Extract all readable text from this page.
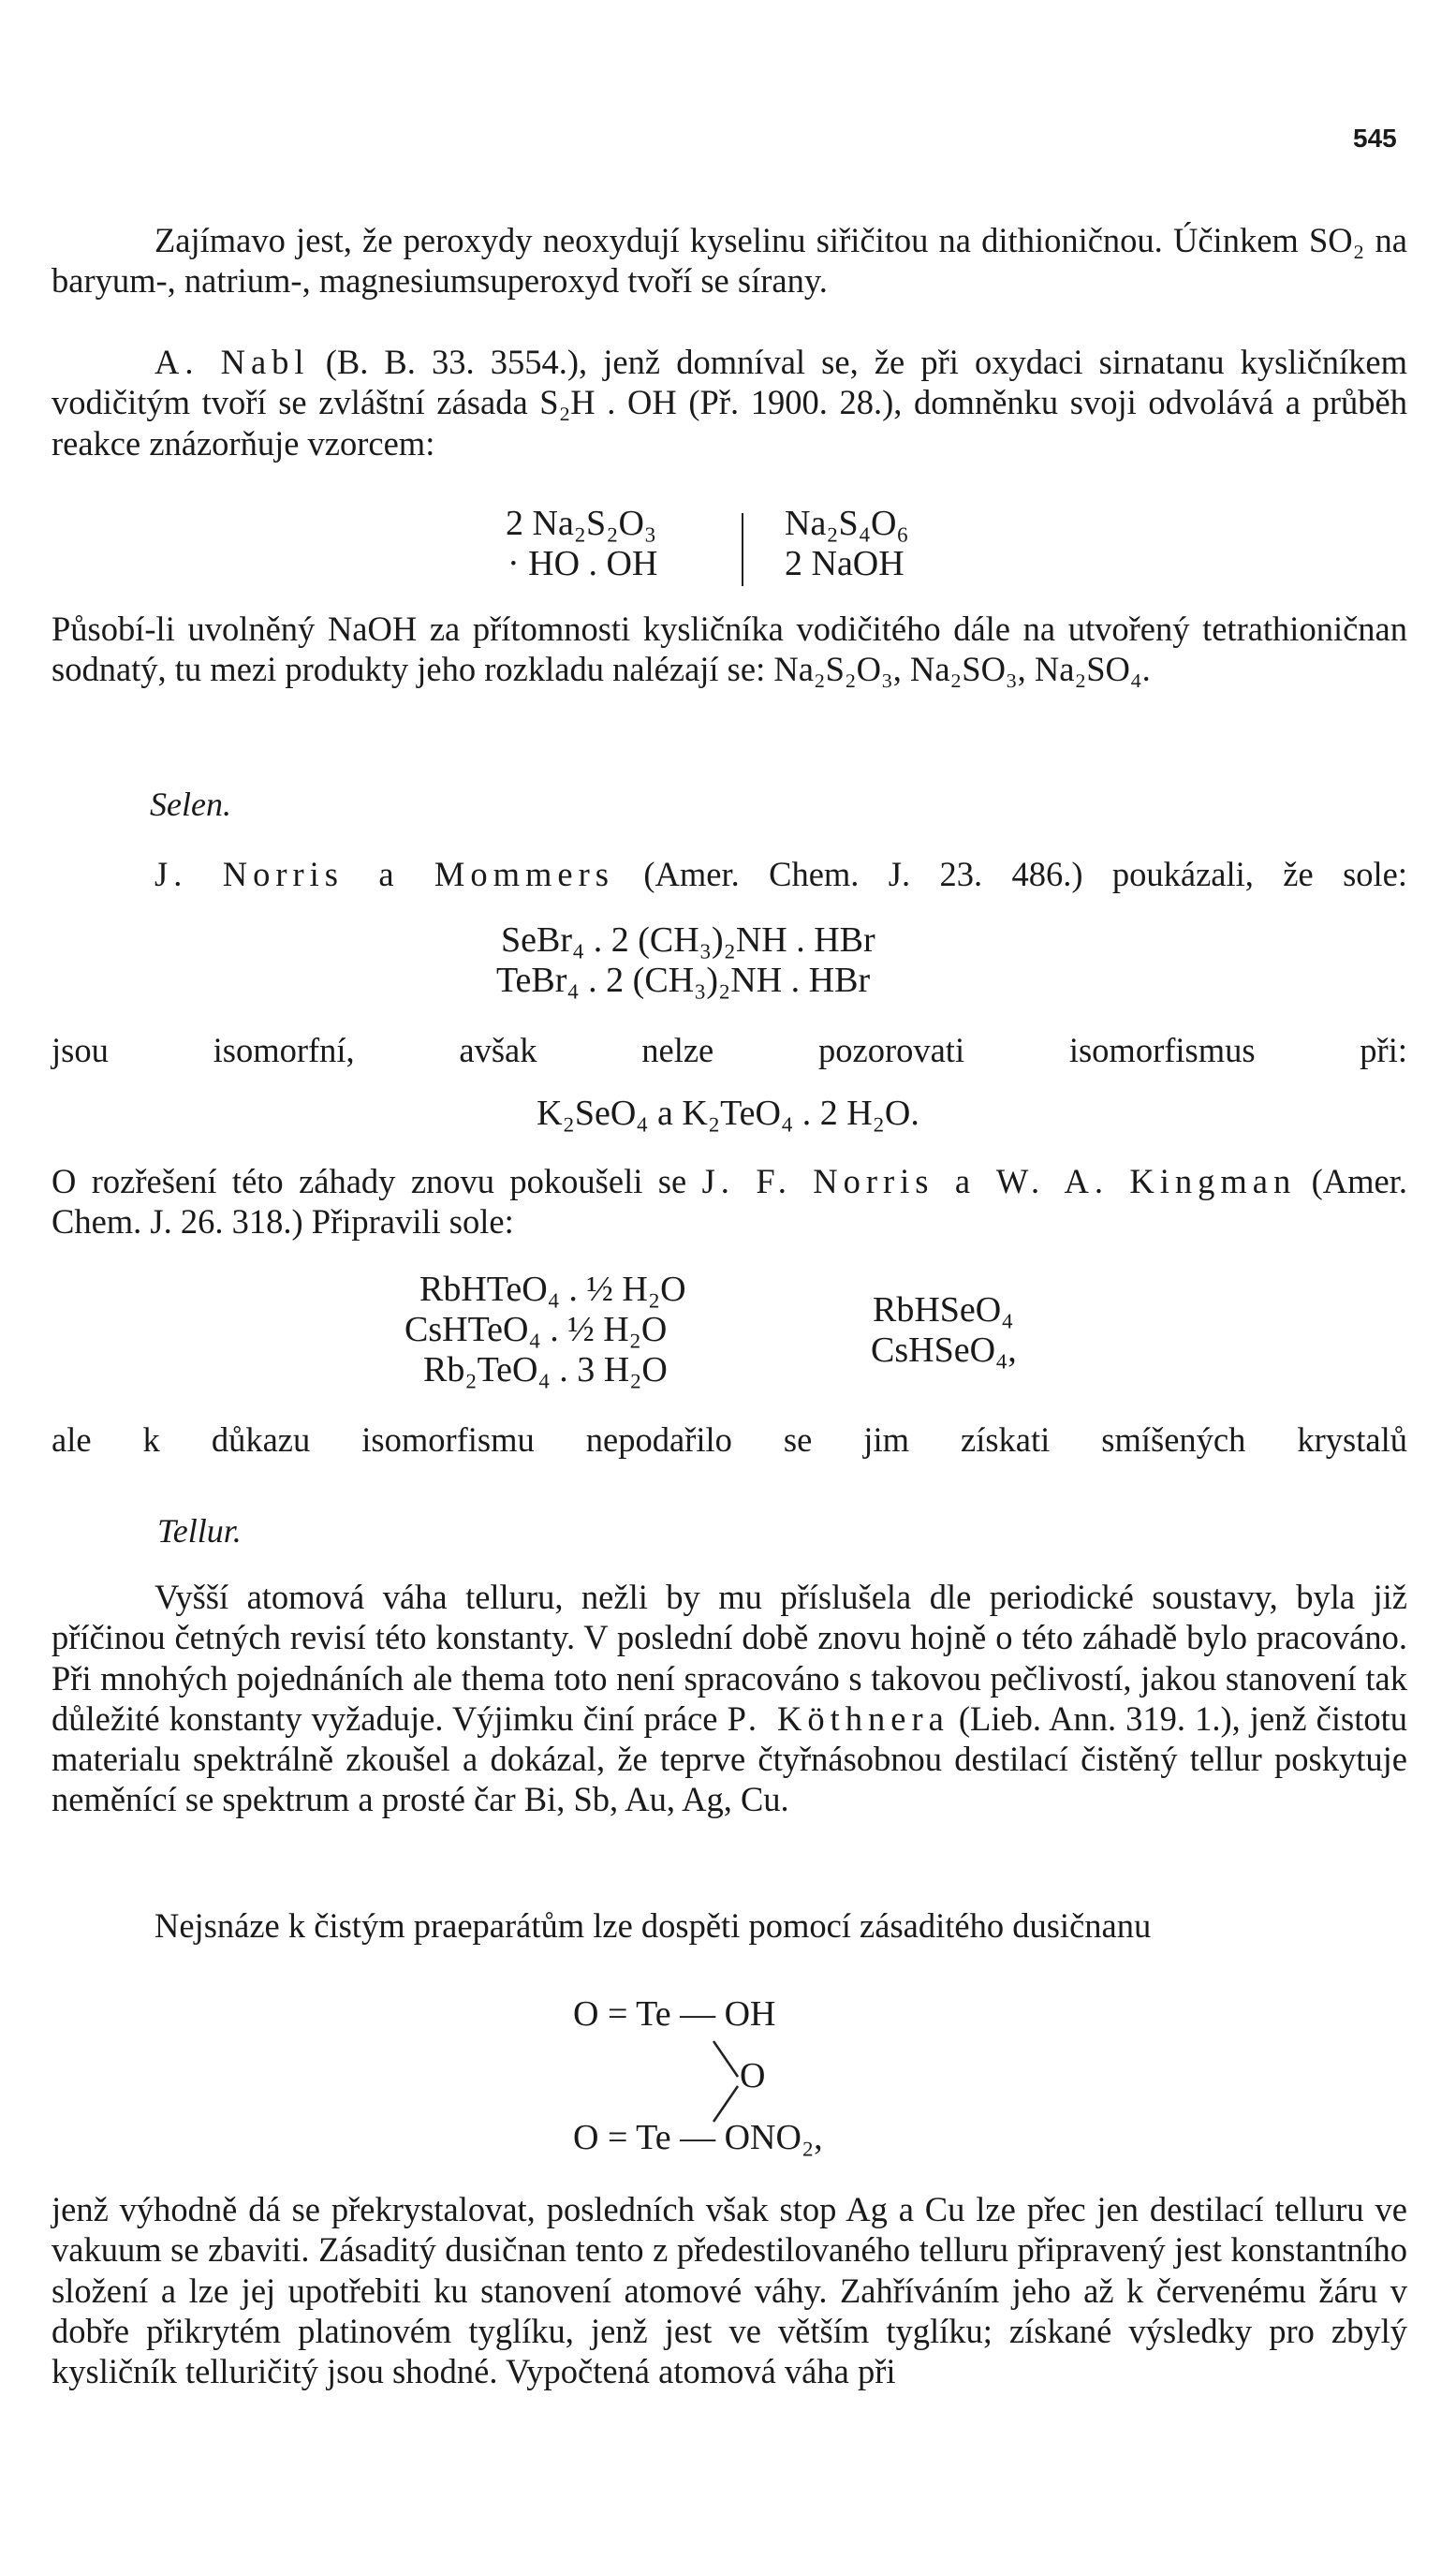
545

Zajímavo jest, že peroxydy neoxydují kyselinu siřičitou na dithioničnou. Účinkem SO₂ na baryum-, natrium-, magnesiumsuperoxyd tvoří se sírany.

A. Nabl (B. B. 33. 3554.), jenž domníval se, že při oxydaci sirnatanu kysličníkem vodičitým tvoří se zvláštní zásada S₂H . OH (Př. 1900. 28.), domněnku svoji odvolává a průběh reakce znázorňuje vzorcem:

2 Na₂S₂O₃
· HO . OH
Na₂S₄O₆
2 NaOH

Působí-li uvolněný NaOH za přítomnosti kysličníka vodičitého dále na utvořený tetrathioničnan sodnatý, tu mezi produkty jeho rozkladu nalézají se: Na₂S₂O₃, Na₂SO₃, Na₂SO₄.

Selen.

J. Norris a Mommers (Amer. Chem. J. 23. 486.) poukázali, že sole:

SeBr₄ . 2 (CH₃)₂NH . HBr
TeBr₄ . 2 (CH₃)₂NH . HBr

jsou isomorfní, avšak nelze pozorovati isomorfismus při:

K₂SeO₄ a K₂TeO₄ . 2 H₂O.

O rozřešení této záhady znovu pokoušeli se J. F. Norris a W. A. Kingman (Amer. Chem. J. 26. 318.) Připravili sole:

RbHTeO₄ . ½ H₂O
CsHTeO₄ . ½ H₂O
Rb₂TeO₄ . 3 H₂O
RbHSeO₄
CsHSeO₄,

ale k důkazu isomorfismu nepodařilo se jim získati smíšených krystalů

Tellur.

Vyšší atomová váha telluru, nežli by mu příslušela dle periodické soustavy, byla již příčinou četných revisí této konstanty. V poslední době znovu hojně o této záhadě bylo pracováno. Při mnohých pojednáních ale thema toto není spracováno s takovou pečlivostí, jakou stanovení tak důležité konstanty vyžaduje. Výjimku činí práce P. Köthnera (Lieb. Ann. 319. 1.), jenž čistotu materialu spektrálně zkoušel a dokázal, že teprve čtyřnásobnou destilací čistěný tellur poskytuje neměnící se spektrum a prosté čar Bi, Sb, Au, Ag, Cu.

Nejsnáze k čistým praeparátům lze dospěti pomocí zásaditého dusičnanu

O = Te — OH
O
O = Te — ONO₂,

jenž výhodně dá se překrystalovat, posledních však stop Ag a Cu lze přec jen destilací telluru ve vakuum se zbaviti. Zásaditý dusičnan tento z předestilovaného telluru připravený jest konstantního složení a lze jej upotřebiti ku stanovení atomové váhy. Zahříváním jeho až k červenému žáru v dobře přikrytém platinovém tyglíku, jenž jest ve větším tyglíku; získané výsledky pro zbylý kysličník telluričitý jsou shodné. Vypočtená atomová váha při
